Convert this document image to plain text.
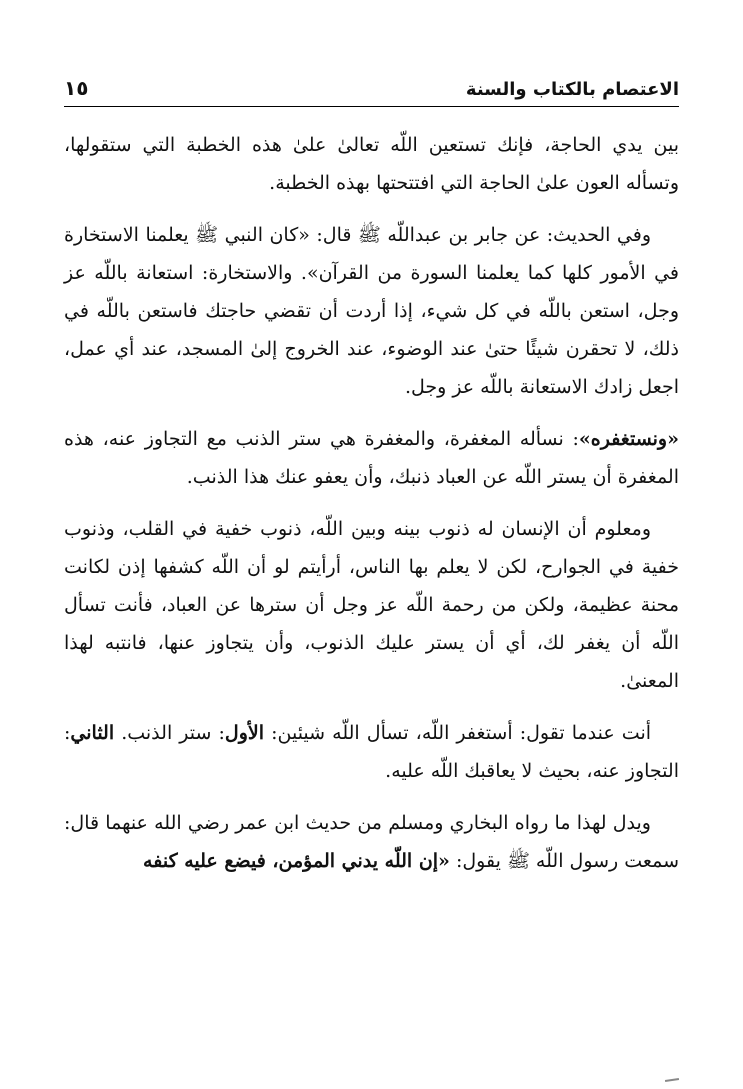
الاعتصام بالكتاب والسنة
١٥

بين يدي الحاجة، فإنك تستعين اللّه تعالىٰ علىٰ هذه الخطبة التي ستقولها، وتسأله العون علىٰ الحاجة التي افتتحتها بهذه الخطبة.

وفي الحديث: عن جابر بن عبداللّه ﷺ قال: «كان النبي ﷺ يعلمنا الاستخارة في الأمور كلها كما يعلمنا السورة من القرآن». والاستخارة: استعانة باللّه عز وجل، استعن باللّه في كل شيء، إذا أردت أن تقضي حاجتك فاستعن باللّه في ذلك، لا تحقرن شيئًا حتىٰ عند الوضوء، عند الخروج إلىٰ المسجد، عند أي عمل، اجعل زادك الاستعانة باللّه عز وجل.

«ونستغفره»: نسأله المغفرة، والمغفرة هي ستر الذنب مع التجاوز عنه، هذه المغفرة أن يستر اللّه عن العباد ذنبك، وأن يعفو عنك هذا الذنب.

ومعلوم أن الإنسان له ذنوب بينه وبين اللّه، ذنوب خفية في القلب، وذنوب خفية في الجوارح، لكن لا يعلم بها الناس، أرأيتم لو أن اللّه كشفها إذن لكانت محنة عظيمة، ولكن من رحمة اللّه عز وجل أن سترها عن العباد، فأنت تسأل اللّه أن يغفر لك، أي أن يستر عليك الذنوب، وأن يتجاوز عنها، فانتبه لهذا المعنىٰ.

أنت عندما تقول: أستغفر اللّه، تسأل اللّه شيئين: الأول: ستر الذنب. الثاني: التجاوز عنه، بحيث لا يعاقبك اللّه عليه.

ويدل لهذا ما رواه البخاري ومسلم من حديث ابن عمر رضي الله عنهما قال: سمعت رسول اللّه ﷺ يقول: «إن اللّه يدني المؤمن، فيضع عليه كنفه
